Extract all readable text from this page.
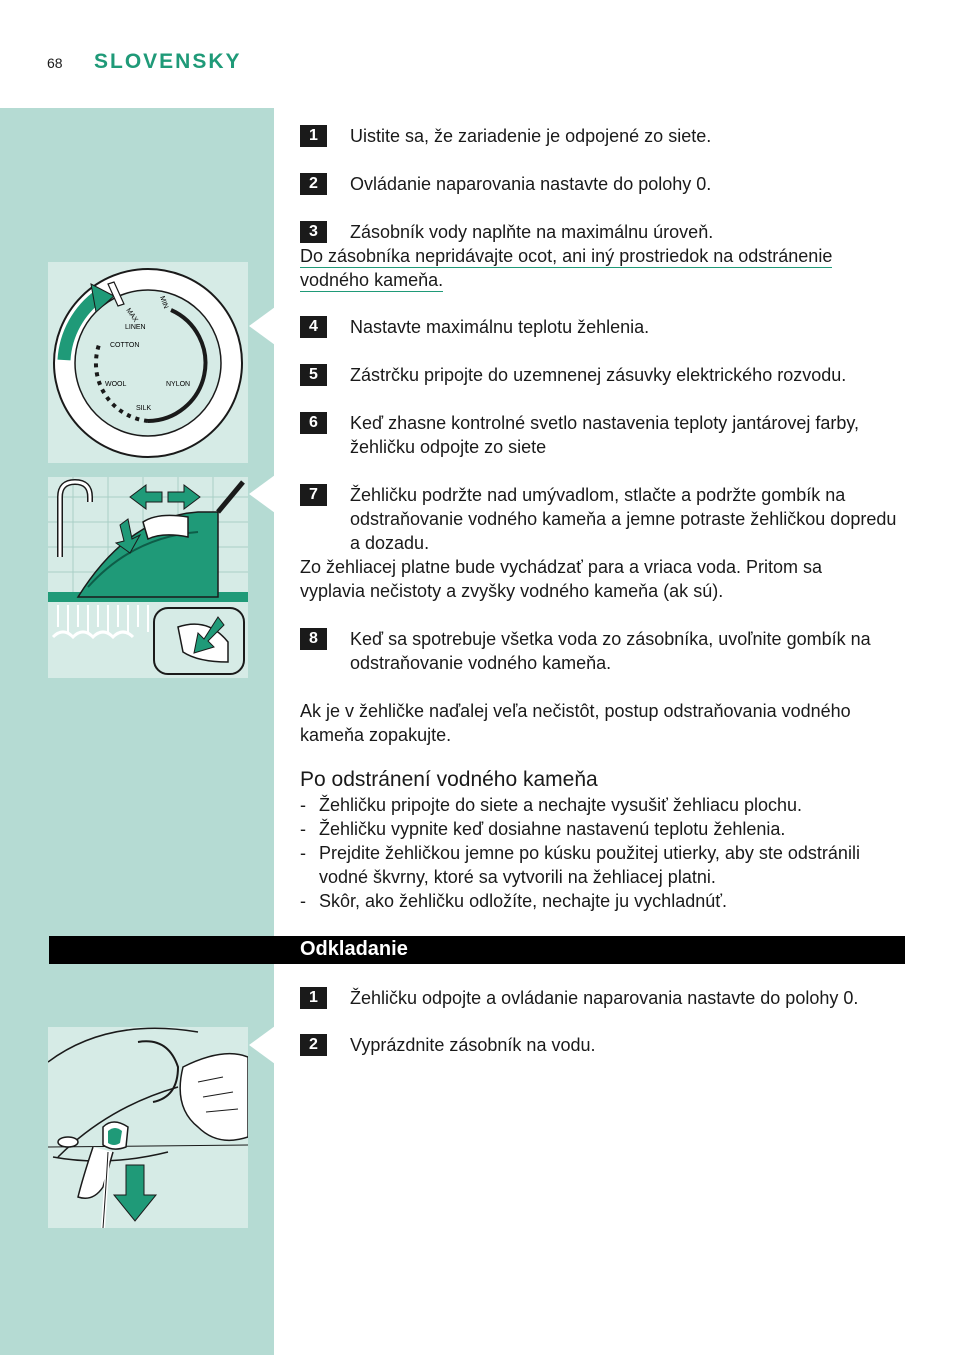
68 SLOVENSKY
MAX
MIN
LINEN
COTTON
WOOL	NYLON
SILK
1	Uistite sa, že zariadenie je odpojené zo siete.
2	Ovládanie naparovania nastavte do polohy 0.
3	Zásobník vody naplňte na maximálnu úroveň.
Do zásobníka nepridávajte ocot, ani iný prostriedok na odstránenie
vodného kameňa.
4	Nastavte maximálnu teplotu žehlenia.
5	Zástrčku pripojte do uzemnenej zásuvky elektrického rozvodu.
6	Keď zhasne kontrolné svetlo nastavenia teploty jantárovej farby, žehličku odpojte zo siete
7	Žehličku podržte nad umývadlom, stlačte a podržte gombík na odstraňovanie vodného kameňa a jemne potraste žehličkou dopredu a dozadu.
Zo žehliacej platne bude vychádzať para a vriaca voda. Pritom sa vyplavia nečistoty a zvyšky vodného kameňa (ak sú).
8	Keď sa spotrebuje všetka voda zo zásobníka, uvoľnite gombík na odstraňovanie vodného kameňa.
Ak je v žehličke naďalej veľa nečistôt, postup odstraňovania vodného kameňa zopakujte.
Po odstránení vodného kameňa
- Žehličku pripojte do siete a nechajte vysušiť žehliacu plochu.
- Žehličku vypnite keď dosiahne nastavenú teplotu žehlenia.
- Prejdite žehličkou jemne po kúsku použitej utierky, aby ste odstránili vodné škvrny, ktoré sa vytvorili na žehliacej platni.
- Skôr, ako žehličku odložíte, nechajte ju vychladnúť.
Odkladanie
1	Žehličku odpojte a ovládanie naparovania nastavte do polohy 0.
2	Vyprázdnite zásobník na vodu.
